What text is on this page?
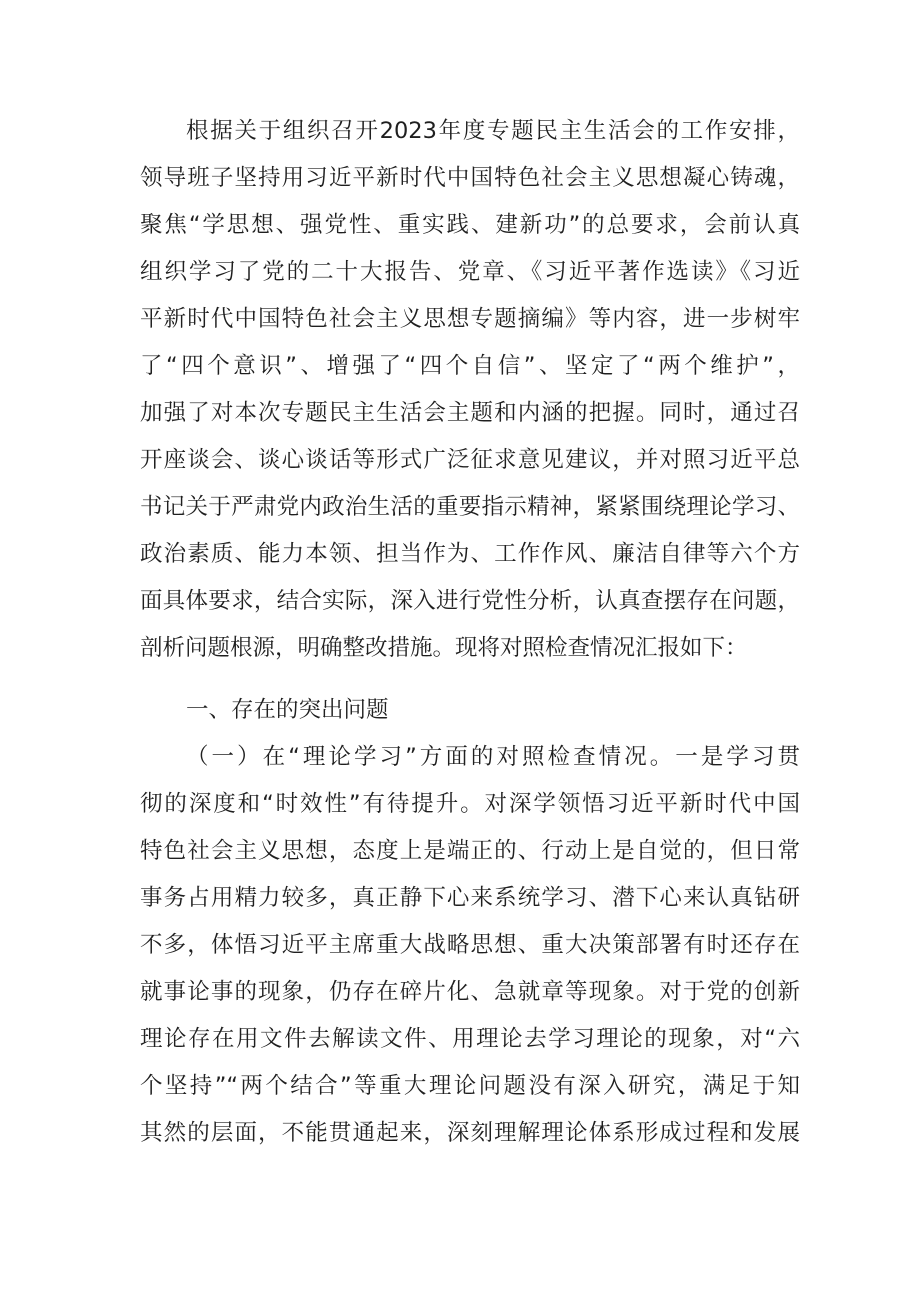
根据关于组织召开2023年度专题民主生活会的工作安排，
领导班子坚持用习近平新时代中国特色社会主义思想凝心铸魂，
聚焦“学思想、强党性、重实践、建新功”的总要求，会前认真
组织学习了党的二十大报告、党章、《习近平著作选读》《习近
平新时代中国特色社会主义思想专题摘编》等内容，进一步树牢
了“四个意识”、增强了“四个自信”、坚定了“两个维护”，
加强了对本次专题民主生活会主题和内涵的把握。同时，通过召
开座谈会、谈心谈话等形式广泛征求意见建议，并对照习近平总
书记关于严肃党内政治生活的重要指示精神，紧紧围绕理论学习、
政治素质、能力本领、担当作为、工作作风、廉洁自律等六个方
面具体要求，结合实际，深入进行党性分析，认真查摆存在问题，
剖析问题根源，明确整改措施。现将对照检查情况汇报如下：
一、存在的突出问题
（一）在“理论学习”方面的对照检查情况。一是学习贯
彻的深度和“时效性”有待提升。对深学领悟习近平新时代中国
特色社会主义思想，态度上是端正的、行动上是自觉的，但日常
事务占用精力较多，真正静下心来系统学习、潜下心来认真钻研
不多，体悟习近平主席重大战略思想、重大决策部署有时还存在
就事论事的现象，仍存在碎片化、急就章等现象。对于党的创新
理论存在用文件去解读文件、用理论去学习理论的现象，对“六
个坚持”“两个结合”等重大理论问题没有深入研究，满足于知
其然的层面，不能贯通起来，深刻理解理论体系形成过程和发展
